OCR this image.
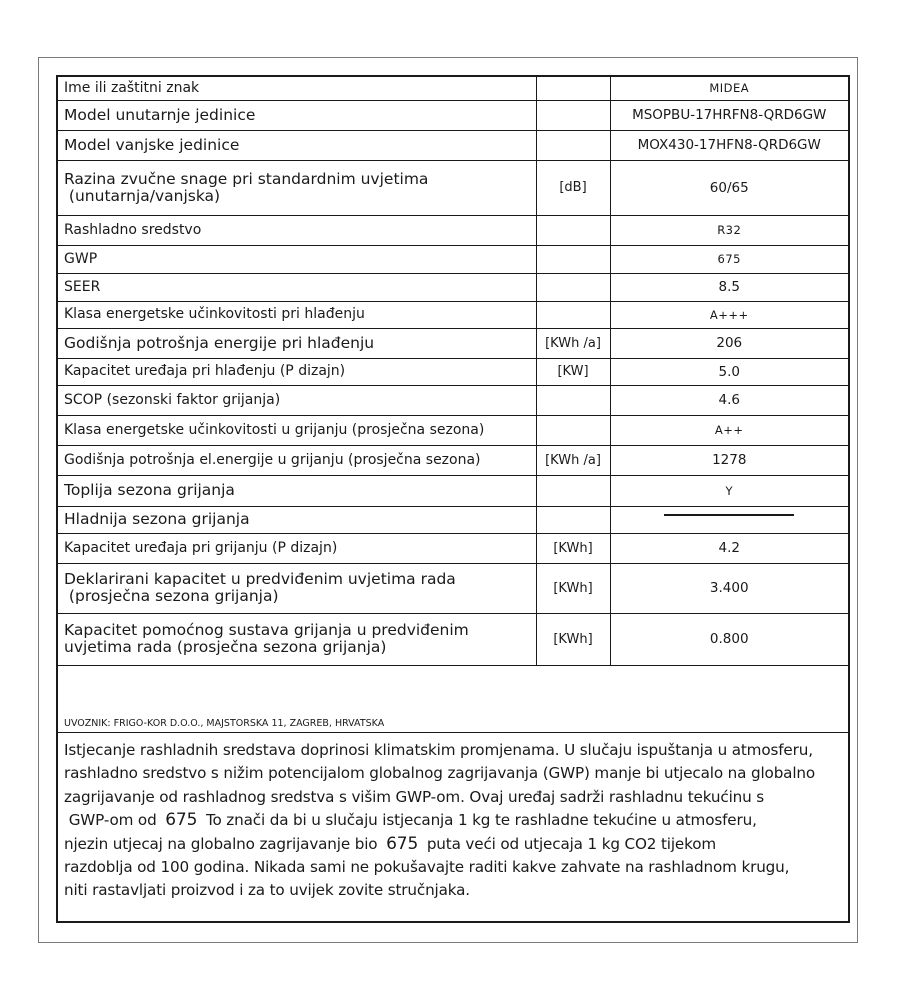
Ime ili zaštitni znak		MIDEA
Model unutarnje jedinice		MSOPBU-17HRFN8-QRD6GW
Model vanjske jedinice		MOX430-17HFN8-QRD6GW

Razina zvučne snage pri standardnim uvjetima
(unutarnja/vanjska)	[dB]	60/65
Rashladno sredstvo		R32
GWP		675
SEER		8.5
Klasa energetske učinkovitosti pri hlađenju		A+++
Godišnja potrošnja energije pri hlađenju	[KWh /a]	206
Kapacitet uređaja pri hlađenju (P dizajn)	[KW]	5.0
SCOP (sezonski faktor grijanja)		4.6
Klasa energetske učinkovitosti u grijanju (prosječna sezona)		A++
Godišnja potrošnja el.energije u grijanju (prosječna sezona)	[KWh /a]	1278
Toplija sezona grijanja		Y
Hladnija sezona grijanja		
Kapacitet uređaja pri grijanju (P dizajn)	[KWh]	4.2

Deklarirani kapacitet u predviđenim uvjetima rada
(prosječna sezona grijanja)	[KWh]	3.400

Kapacitet pomoćnog sustava grijanja u predviđenim
uvjetima rada (prosječna sezona grijanja)	[KWh]	0.800
UVOZNIK: FRIGO-KOR D.O.O., MAJSTORSKA 11, ZAGREB, HRVATSKA

Istjecanje rashladnih sredstava doprinosi klimatskim promjenama. U slučaju ispuštanja u atmosferu,

rashladno sredstvo s nižim potencijalom globalnog zagrijavanja (GWP) manje bi utjecalo na globalno

zagrijavanje od rashladnog sredstva s višim GWP-om. Ovaj uređaj sadrži rashladnu tekućinu s

GWP-om od 675 To znači da bi u slučaju istjecanja 1 kg te rashladne tekućine u atmosferu,

njezin utjecaj na globalno zagrijavanje bio 675 puta veći od utjecaja 1 kg CO2 tijekom

razdoblja od 100 godina. Nikada sami ne pokušavajte raditi kakve zahvate na rashladnom krugu,

niti rastavljati proizvod i za to uvijek zovite stručnjaka.
